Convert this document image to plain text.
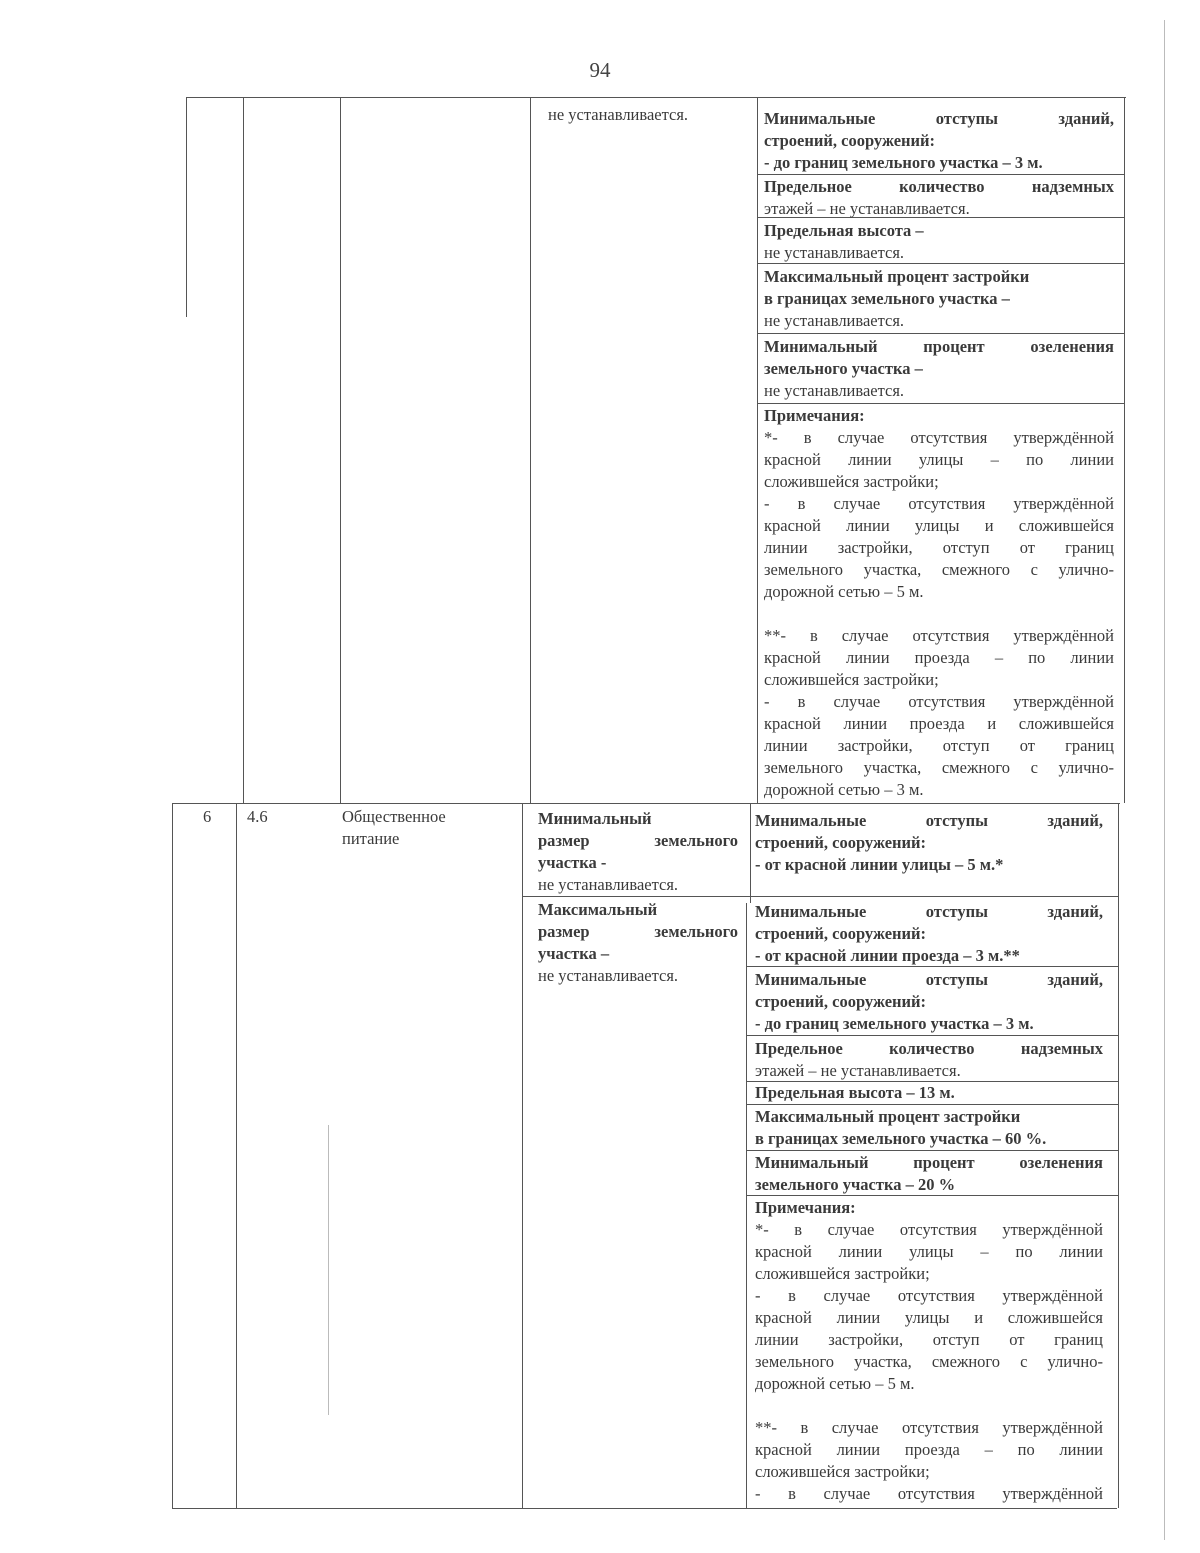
94
не устанавливается.	Минимальные отступы зданий,
строений, сооружений:
- до границ земельного участка – 3 м.
Предельное количество надземных
этажей – не устанавливается.
Предельная высота –
не устанавливается.
Максимальный процент застройки
в границах земельного участка –
не устанавливается.
Минимальный процент озеленения
земельного участка –
не устанавливается.
Примечания:
*- в случае отсутствия утверждённой
красной линии улицы – по линии
сложившейся застройки;
- в случае отсутствия утверждённой
красной линии улицы и сложившейся
линии застройки, отступ от границ
земельного участка, смежного с улично-
дорожной сетью – 5 м.
**- в случае отсутствия утверждённой
красной линии проезда – по линии
сложившейся застройки;
- в случае отсутствия утверждённой
красной линии проезда и сложившейся
линии застройки, отступ от границ
земельного участка, смежного с улично-
дорожной сетью – 3 м.
6 4.6	Общественное
питание
Минимальный
размер земельного
участка -
не устанавливается.
Максимальный
размер земельного
участка –
не устанавливается.
Минимальные отступы зданий,
строений, сооружений:
- от красной линии улицы – 5 м.*
Минимальные отступы зданий,
строений, сооружений:
- от красной линии проезда – 3 м.**
Минимальные отступы зданий,
строений, сооружений:
- до границ земельного участка – 3 м.
Предельное количество надземных
этажей – не устанавливается.
Предельная высота – 13 м.
Максимальный процент застройки
в границах земельного участка – 60 %.
Минимальный процент озеленения
земельного участка – 20 %
Примечания:
*- в случае отсутствия утверждённой
красной линии улицы – по линии
сложившейся застройки;
- в случае отсутствия утверждённой
красной линии улицы и сложившейся
линии застройки, отступ от границ
земельного участка, смежного с улично-
дорожной сетью – 5 м.
**- в случае отсутствия утверждённой
красной линии проезда – по линии
сложившейся застройки;
- в случае отсутствия утверждённой
